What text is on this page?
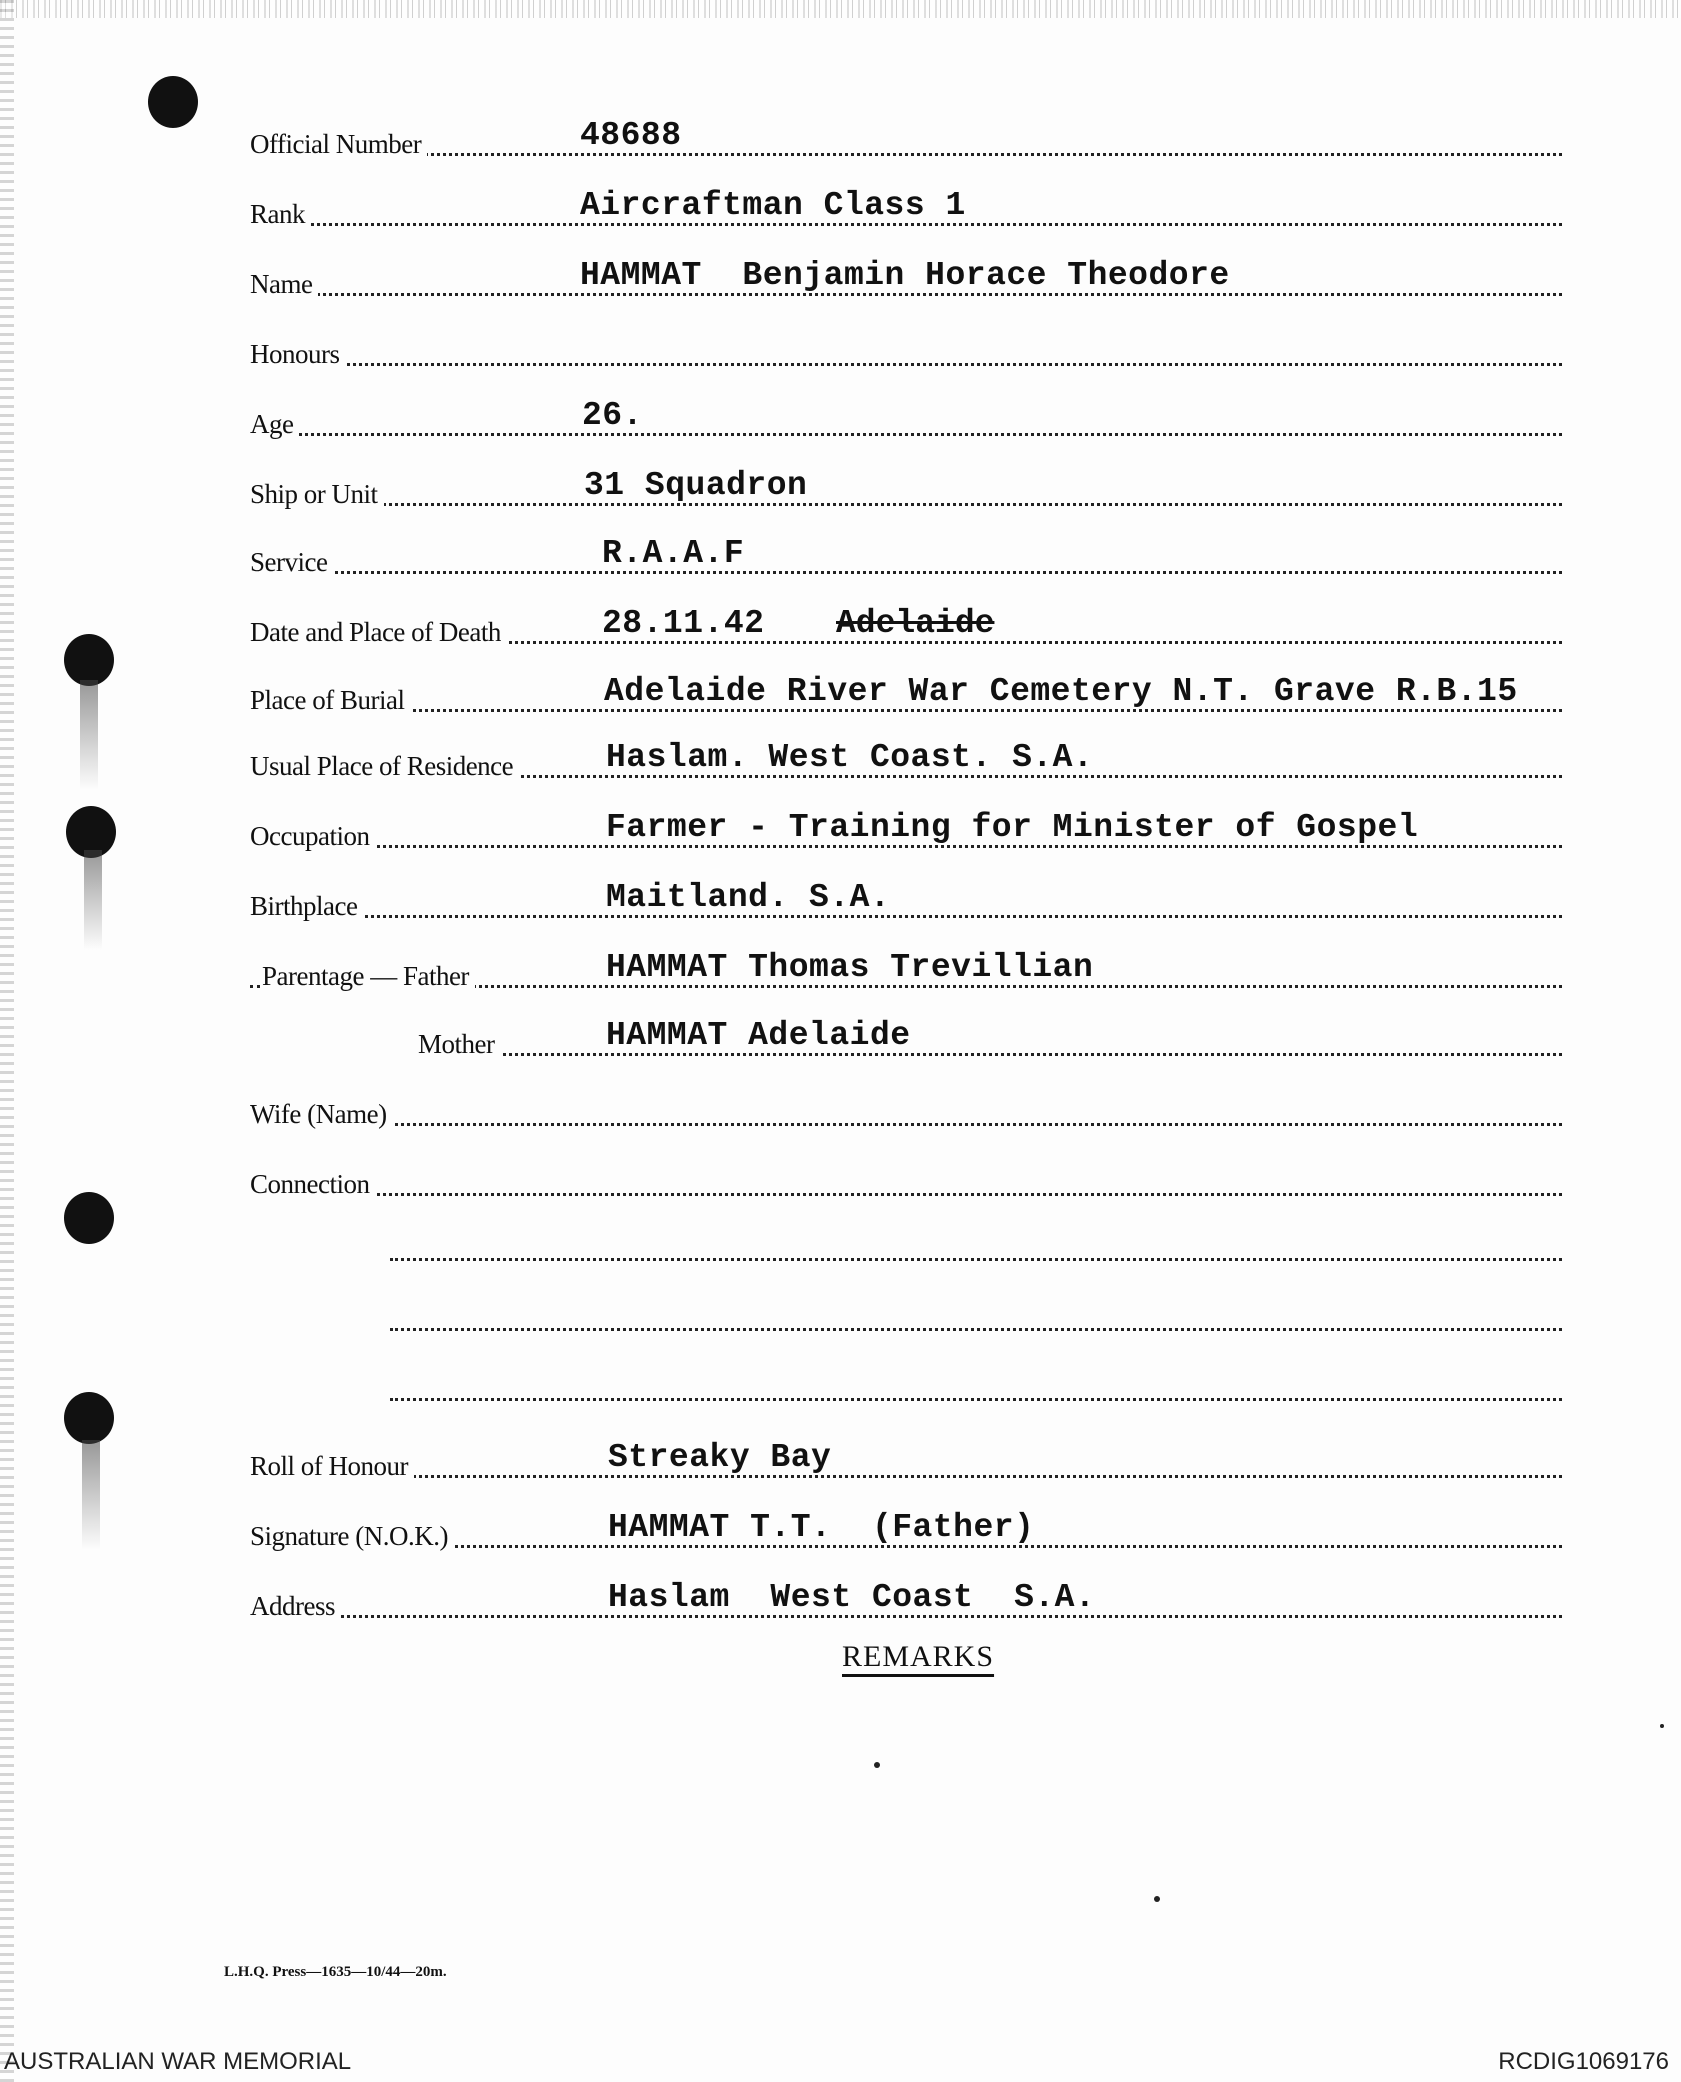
Official Number	48688
Rank	Aircraftman Class 1
Name	HAMMAT  Benjamin Horace Theodore
Honours
Age	26.
Ship or Unit	31 Squadron
Service	R.A.A.F
Date and Place of Death	28.11.42 Adelaide
Place of Burial	Adelaide River War Cemetery N.T. Grave R.B.15
Usual Place of Residence	Haslam. West Coast. S.A.
Occupation	Farmer - Training for Minister of Gospel
Birthplace	Maitland. S.A.
Parentage — Father	HAMMAT Thomas Trevillian
Mother	HAMMAT Adelaide
Wife (Name)
Connection
Roll of Honour	Streaky Bay
Signature (N.O.K.)	HAMMAT T.T.  (Father)
Address	Haslam  West Coast  S.A.
REMARKS
L.H.Q. Press—1635—10/44—20m.
AUSTRALIAN WAR MEMORIAL	RCDIG1069176
